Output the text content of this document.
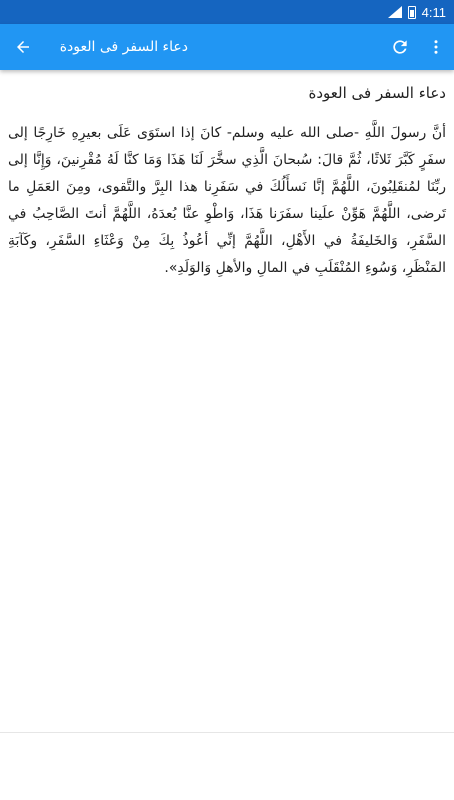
4:11
دعاء السفر فى العودة
دعاء السفر فى العودة
أنَّ رسولَ اللَّهِ -صلى الله عليه وسلم- كانَ إذا استَوَى عَلَى بعيرِهِ خَارِجًا إلى سفَرٍ كَبَّرَ ثَلاثًا، ثُمَّ قالَ: سُبحانَ الَّذِي سخَّرَ لَنَا هَذَا وَمَا كنَّا لَهُ مُقْرِنينَ، وَإِنَّا إلى ربِّنَا لمُنقَلِبُونَ، اللَّهُمَّ إنَّا نَسأَلُكَ في سَفَرِنا هذا البِرَّ والتَّقوى، ومِنَ العَمَلِ ما تَرضى، اللَّهُمَّ هَوِّنْ علَينا سفَرَنا هَذَا، وَاطْوِ عنَّا بُعدَهُ، اللَّهُمَّ أنتَ الصَّاحِبُ في السَّفَرِ، وَالخَليفَةُ في الأَهْلِ، اللَّهُمَّ إنِّي أعُوذُ بِكَ مِنْ وَعْثَاءِ السَّفَرِ، وكَآبَةِ المَنْظَرِ، وَسُوءِ المُنْقَلَبِ في المالِ والأهلِ وَالوَلَدِ».
